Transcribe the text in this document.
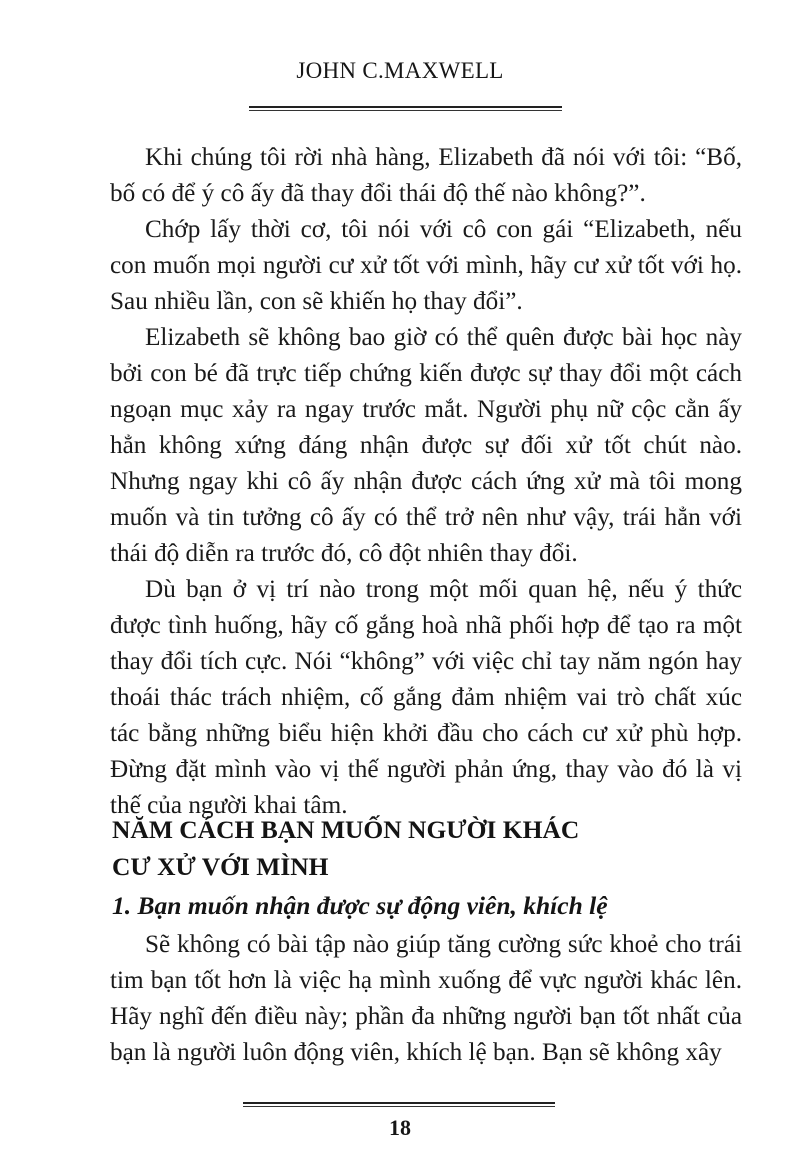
JOHN C.MAXWELL

Khi chúng tôi rời nhà hàng, Elizabeth đã nói với tôi: “Bố, bố có để ý cô ấy đã thay đổi thái độ thế nào không?”.

Chớp lấy thời cơ, tôi nói với cô con gái “Elizabeth, nếu con muốn mọi người cư xử tốt với mình, hãy cư xử tốt với họ. Sau nhiều lần, con sẽ khiến họ thay đổi”.

Elizabeth sẽ không bao giờ có thể quên được bài học này bởi con bé đã trực tiếp chứng kiến được sự thay đổi một cách ngoạn mục xảy ra ngay trước mắt. Người phụ nữ cộc cằn ấy hẳn không xứng đáng nhận được sự đối xử tốt chút nào. Nhưng ngay khi cô ấy nhận được cách ứng xử mà tôi mong muốn và tin tưởng cô ấy có thể trở nên như vậy, trái hẳn với thái độ diễn ra trước đó, cô đột nhiên thay đổi.

Dù bạn ở vị trí nào trong một mối quan hệ, nếu ý thức được tình huống, hãy cố gắng hoà nhã phối hợp để tạo ra một thay đổi tích cực. Nói “không” với việc chỉ tay năm ngón hay thoái thác trách nhiệm, cố gắng đảm nhiệm vai trò chất xúc tác bằng những biểu hiện khởi đầu cho cách cư xử phù hợp. Đừng đặt mình vào vị thế người phản ứng, thay vào đó là vị thế của người khai tâm.

NĂM CÁCH BẠN MUỐN NGƯỜI KHÁC
CƯ XỬ VỚI MÌNH
1. Bạn muốn nhận được sự động viên, khích lệ

Sẽ không có bài tập nào giúp tăng cường sức khoẻ cho trái tim bạn tốt hơn là việc hạ mình xuống để vực người khác lên. Hãy nghĩ đến điều này; phần đa những người bạn tốt nhất của bạn là người luôn động viên, khích lệ bạn. Bạn sẽ không xây

18
